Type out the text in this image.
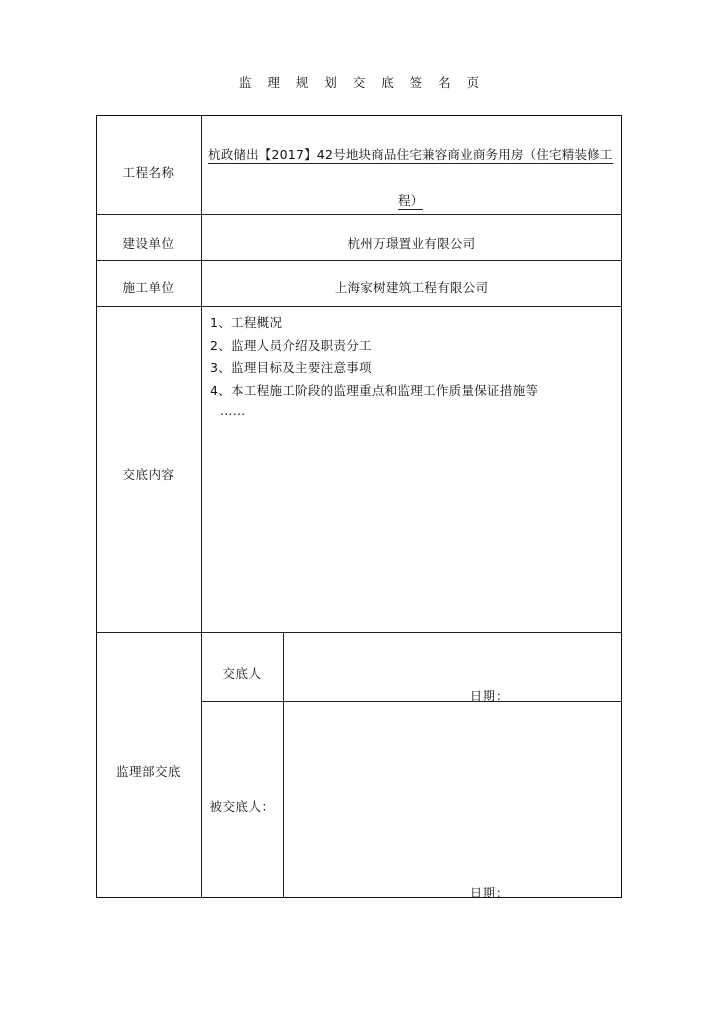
监 理 规 划 交 底 签 名 页
工程名称
杭政储出【2017】42号地块商品住宅兼容商业商务用房（住宅精装修工
程）
建设单位	杭州万璟置业有限公司
施工单位	上海家树建筑工程有限公司
交底内容
1、工程概况
2、监理人员介绍及职责分工
3、监理目标及主要注意事项
4、本工程施工阶段的监理重点和监理工作质量保证措施等
……
监理部交底
交底人
日期：
被交底人：
日期：
